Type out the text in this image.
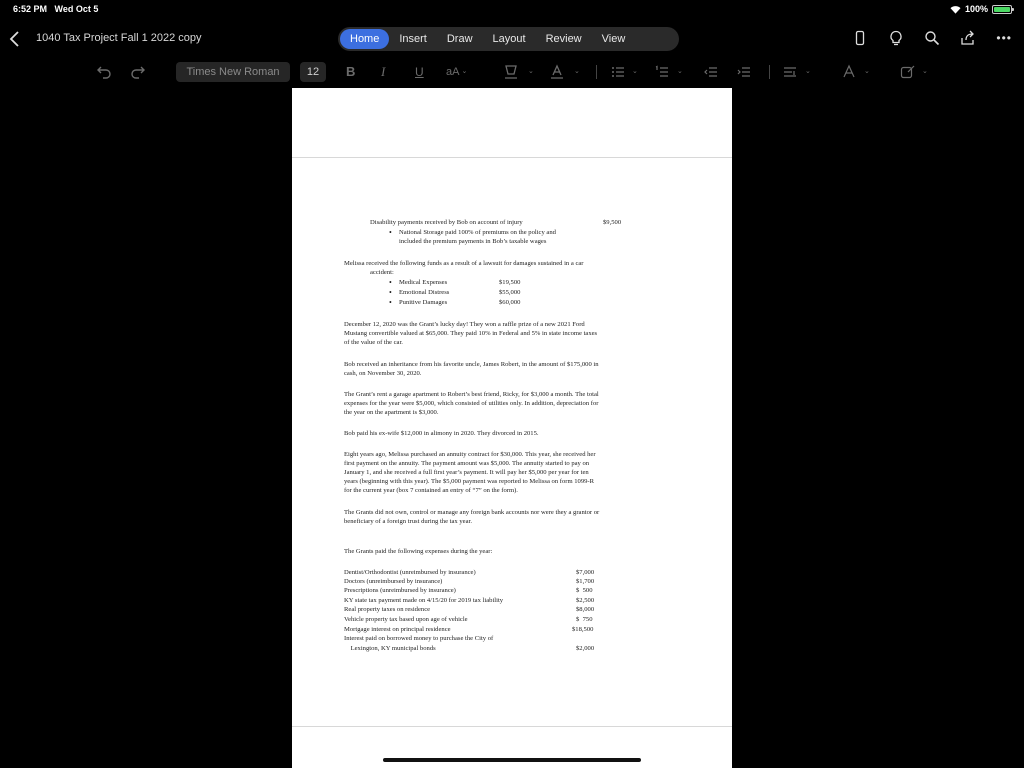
6:52 PM Wed Oct 5	100%
1040 Tax Project Fall 1 2022 copy	Home	Insert	Draw	Layout	Review	View	•••
Times New Roman	12	B I U aA ⌄	⌄	⌄	⌄	⌄	⌄	⌄	⌄
Disability payments received by Bob on account of injury	$9,500
• National Storage paid 100% of premiums on the policy and
included the premium payments in Bob’s taxable wages
Melissa received the following funds as a result of a lawsuit for damages sustained in a car
accident:
• Medical Expenses	$19,500
• Emotional Distress	$55,000
• Punitive Damages	$60,000
December 12, 2020 was the Grant’s lucky day! They won a raffle prize of a new 2021 Ford
Mustang convertible valued at $65,000. They paid 10% in Federal and 5% in state income taxes
of the value of the car.
Bob received an inheritance from his favorite uncle, James Robert, in the amount of $175,000 in
cash, on November 30, 2020.
The Grant’s rent a garage apartment to Robert’s best friend, Ricky, for $3,000 a month. The total
expenses for the year were $5,000, which consisted of utilities only. In addition, depreciation for
the year on the apartment is $3,000.
Bob paid his ex-wife $12,000 in alimony in 2020. They divorced in 2015.
Eight years ago, Melissa purchased an annuity contract for $30,000. This year, she received her
first payment on the annuity. The payment amount was $5,000. The annuity started to pay on
January 1, and she received a full first year’s payment. It will pay her $5,000 per year for ten
years (beginning with this year). The $5,000 payment was reported to Melissa on form 1099-R
for the current year (box 7 contained an entry of “7” on the form).
The Grants did not own, control or manage any foreign bank accounts nor were they a grantor or
beneficiary of a foreign trust during the tax year.
The Grants paid the following expenses during the year:
Dentist/Orthodontist (unreimbursed by insurance)	$7,000
Doctors (unreimbursed by insurance)	$1,700
Prescriptions (unreimbursed by insurance)	$  500
KY state tax payment made on 4/15/20 for 2019 tax liability	$2,500
Real property taxes on residence	$8,000
Vehicle property tax based upon age of vehicle	$  750
Mortgage interest on principal residence	$18,500
Interest paid on borrowed money to purchase the City of
Lexington, KY municipal bonds	$2,000
